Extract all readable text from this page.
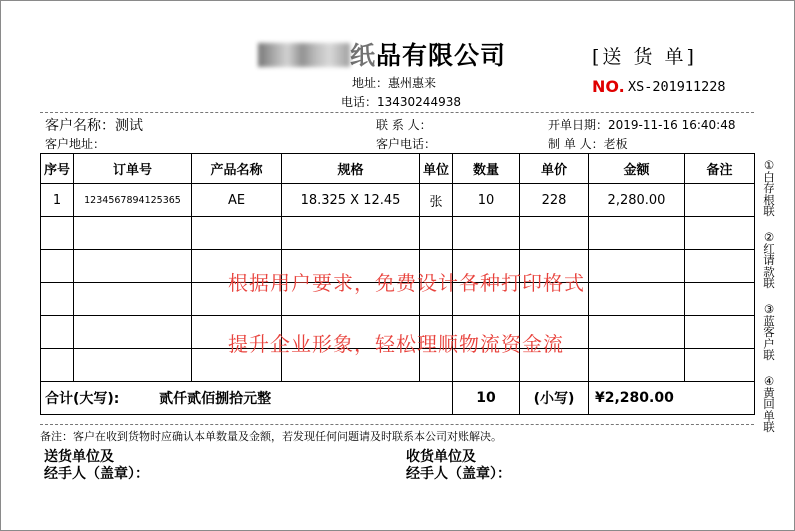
纸品有限公司	[送 货 单]
地址：惠州惠来
电话：13430244938
NO. XS-201911228
客户名称：测试	联 系 人：	开单日期：2019-11-16 16:40:48
客户地址：	客户电话：	制 单 人：老板
序号	订单号	产品名称	规格	单位	数量	单价	金额	备注
1	1234567894125365	AE	18.325 X 12.45	张	10	228	2,280.00	

合计(大写): 贰仟贰佰捌拾元整					10	(小写)	¥2,280.00	
根据用户要求，免费设计各种打印格式
提升企业形象，轻松理顺物流资金流
①白存根联
②红请款联
③蓝客户联
④黄回单联
备注：客户在收到货物时应确认本单数量及金额，若发现任何问题请及时联系本公司对账解决。
送货单位及
经手人（盖章）：
收货单位及
经手人（盖章）：
